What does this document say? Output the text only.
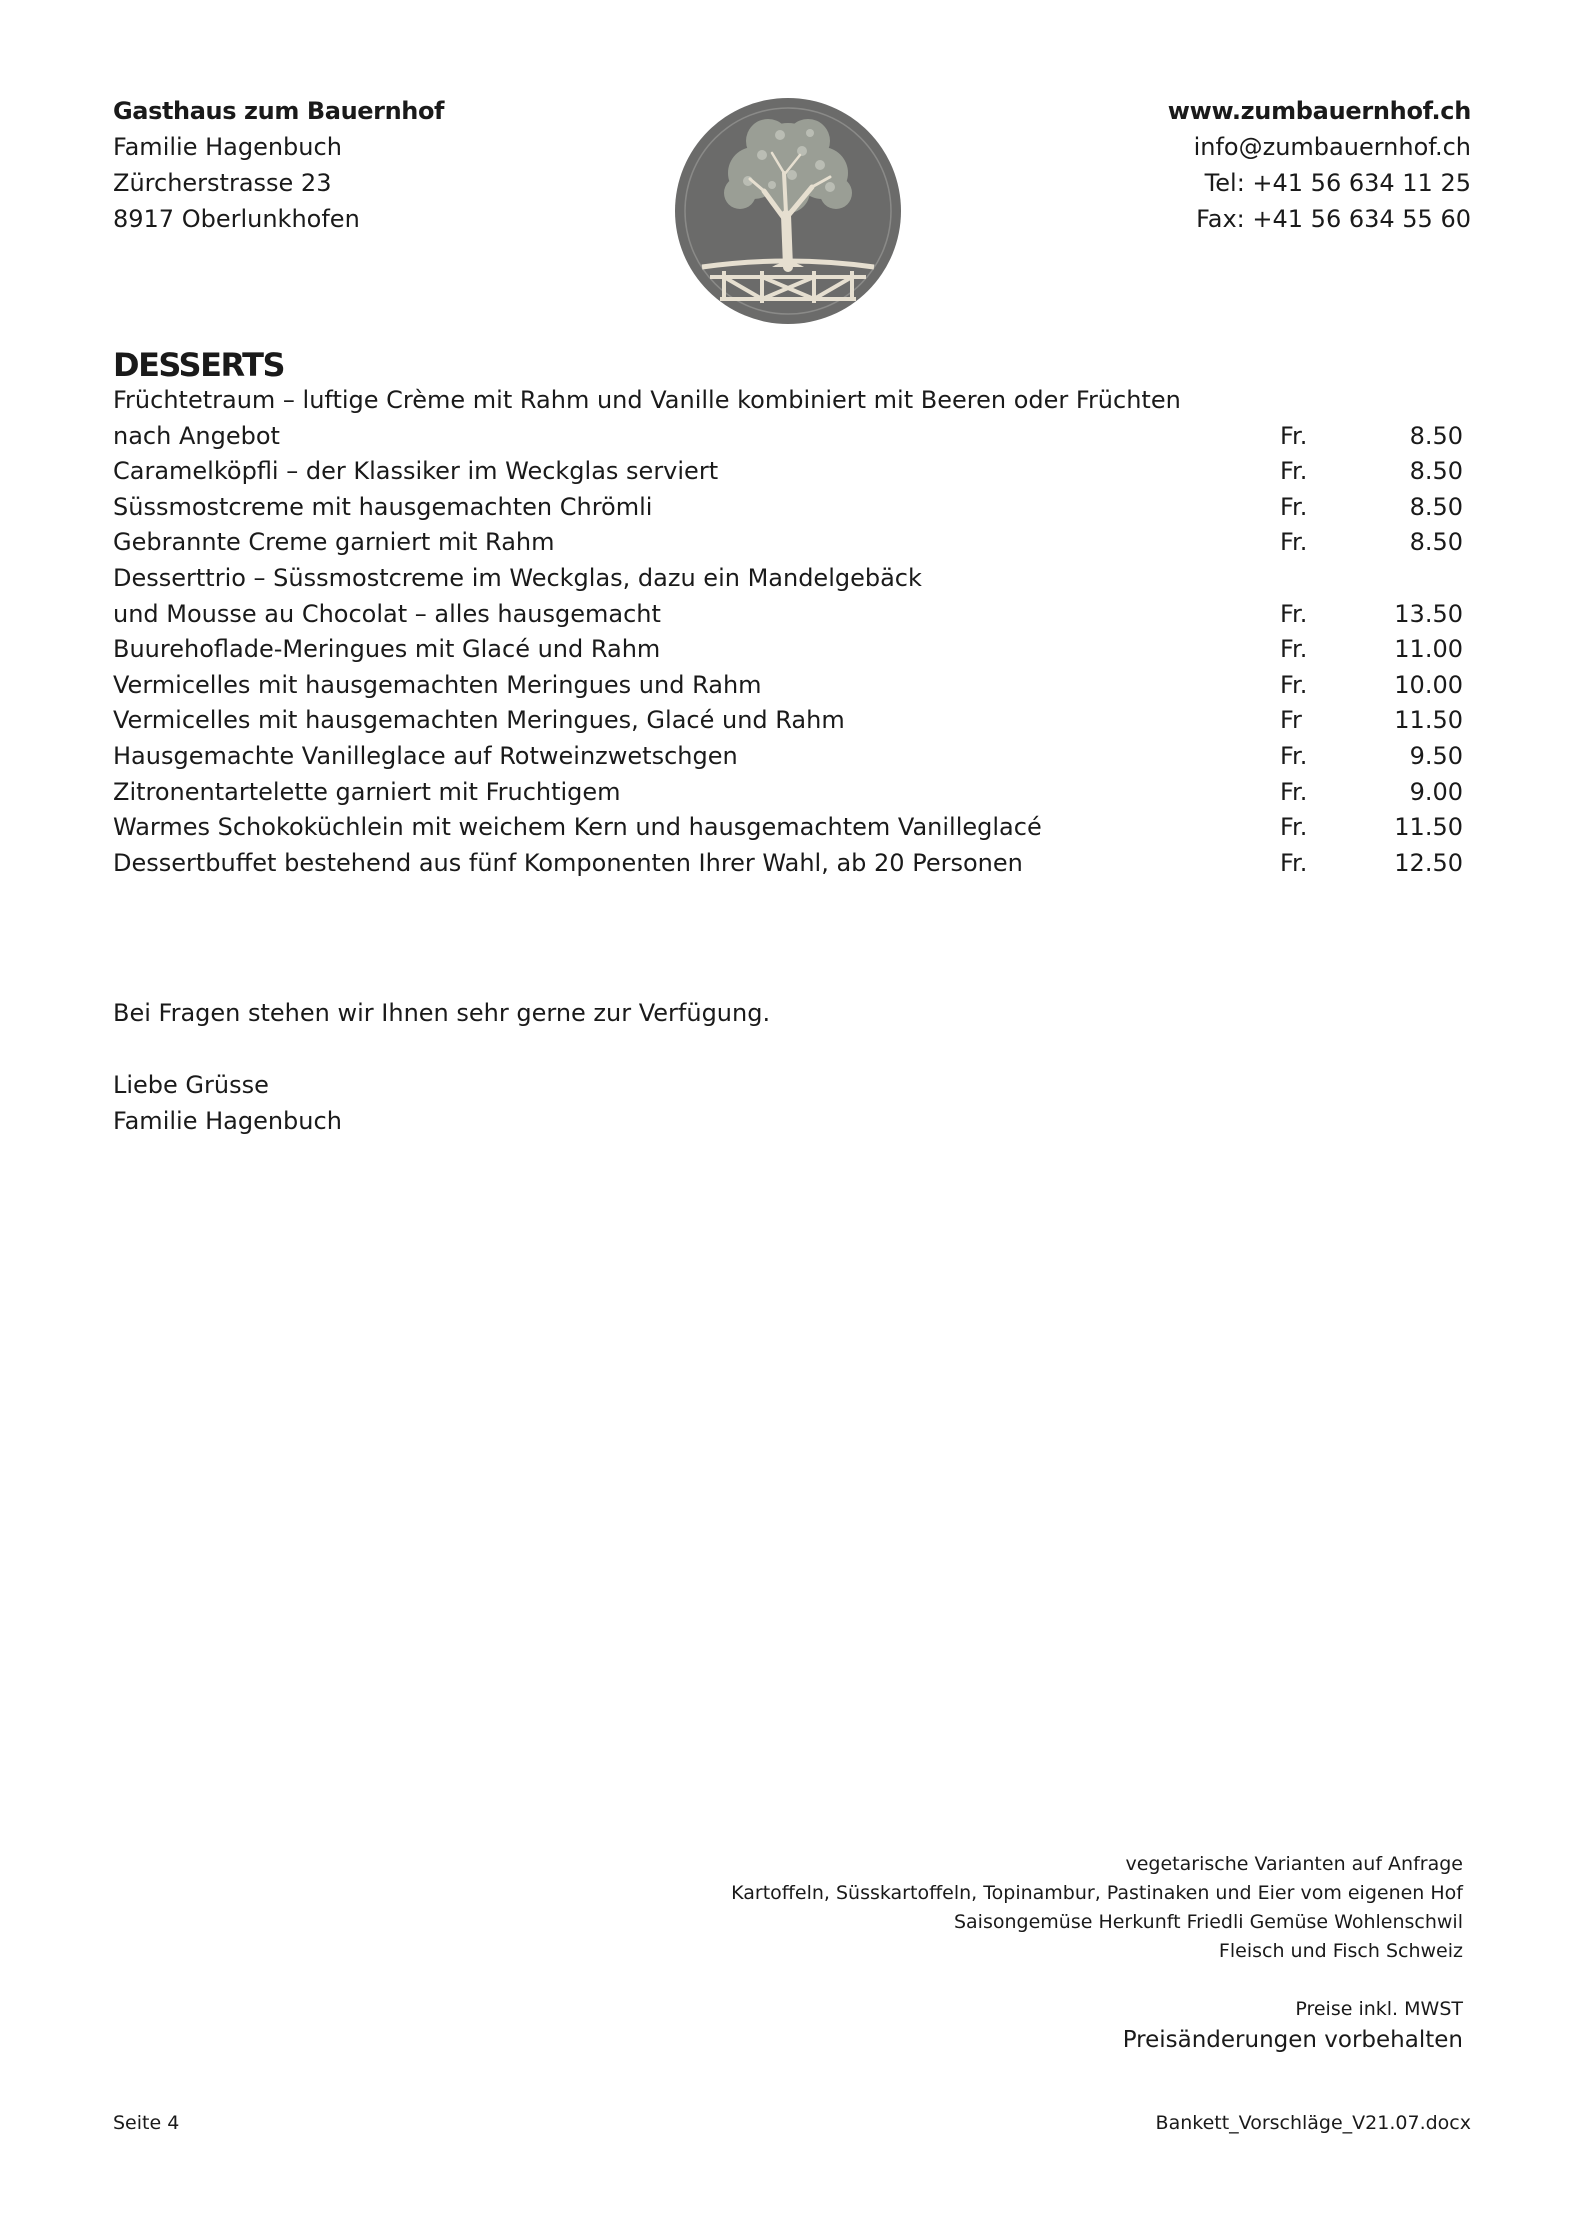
Gasthaus zum Bauernhof
Familie Hagenbuch
Zürcherstrasse 23
8917 Oberlunkhofen
www.zumbauernhof.ch
info@zumbauernhof.ch
Tel: +41 56 634 11 25
Fax: +41 56 634 55 60
DESSERTS
Früchtetraum – luftige Crème mit Rahm und Vanille kombiniert mit Beeren oder Früchten
nach Angebot	Fr.	8.50
Caramelköpfli – der Klassiker im Weckglas serviert	Fr.	8.50
Süssmostcreme mit hausgemachten Chrömli	Fr.	8.50
Gebrannte Creme garniert mit Rahm	Fr.	8.50
Desserttrio – Süssmostcreme im Weckglas, dazu ein Mandelgebäck
und Mousse au Chocolat – alles hausgemacht	Fr.	13.50
Buurehoflade-Meringues mit Glacé und Rahm	Fr.	11.00
Vermicelles mit hausgemachten Meringues und Rahm	Fr.	10.00
Vermicelles mit hausgemachten Meringues, Glacé und Rahm	Fr	11.50
Hausgemachte Vanilleglace auf Rotweinzwetschgen	Fr.	9.50
Zitronentartelette garniert mit Fruchtigem	Fr.	9.00
Warmes Schokoküchlein mit weichem Kern und hausgemachtem Vanilleglacé	Fr.	11.50
Dessertbuffet bestehend aus fünf Komponenten Ihrer Wahl, ab 20 Personen	Fr.	12.50
Bei Fragen stehen wir Ihnen sehr gerne zur Verfügung.
Liebe Grüsse
Familie Hagenbuch
vegetarische Varianten auf Anfrage
Kartoffeln, Süsskartoffeln, Topinambur, Pastinaken und Eier vom eigenen Hof
Saisongemüse Herkunft Friedli Gemüse Wohlenschwil
Fleisch und Fisch Schweiz
Preise inkl. MWST
Preisänderungen vorbehalten
Seite 4	Bankett_Vorschläge_V21.07.docx
